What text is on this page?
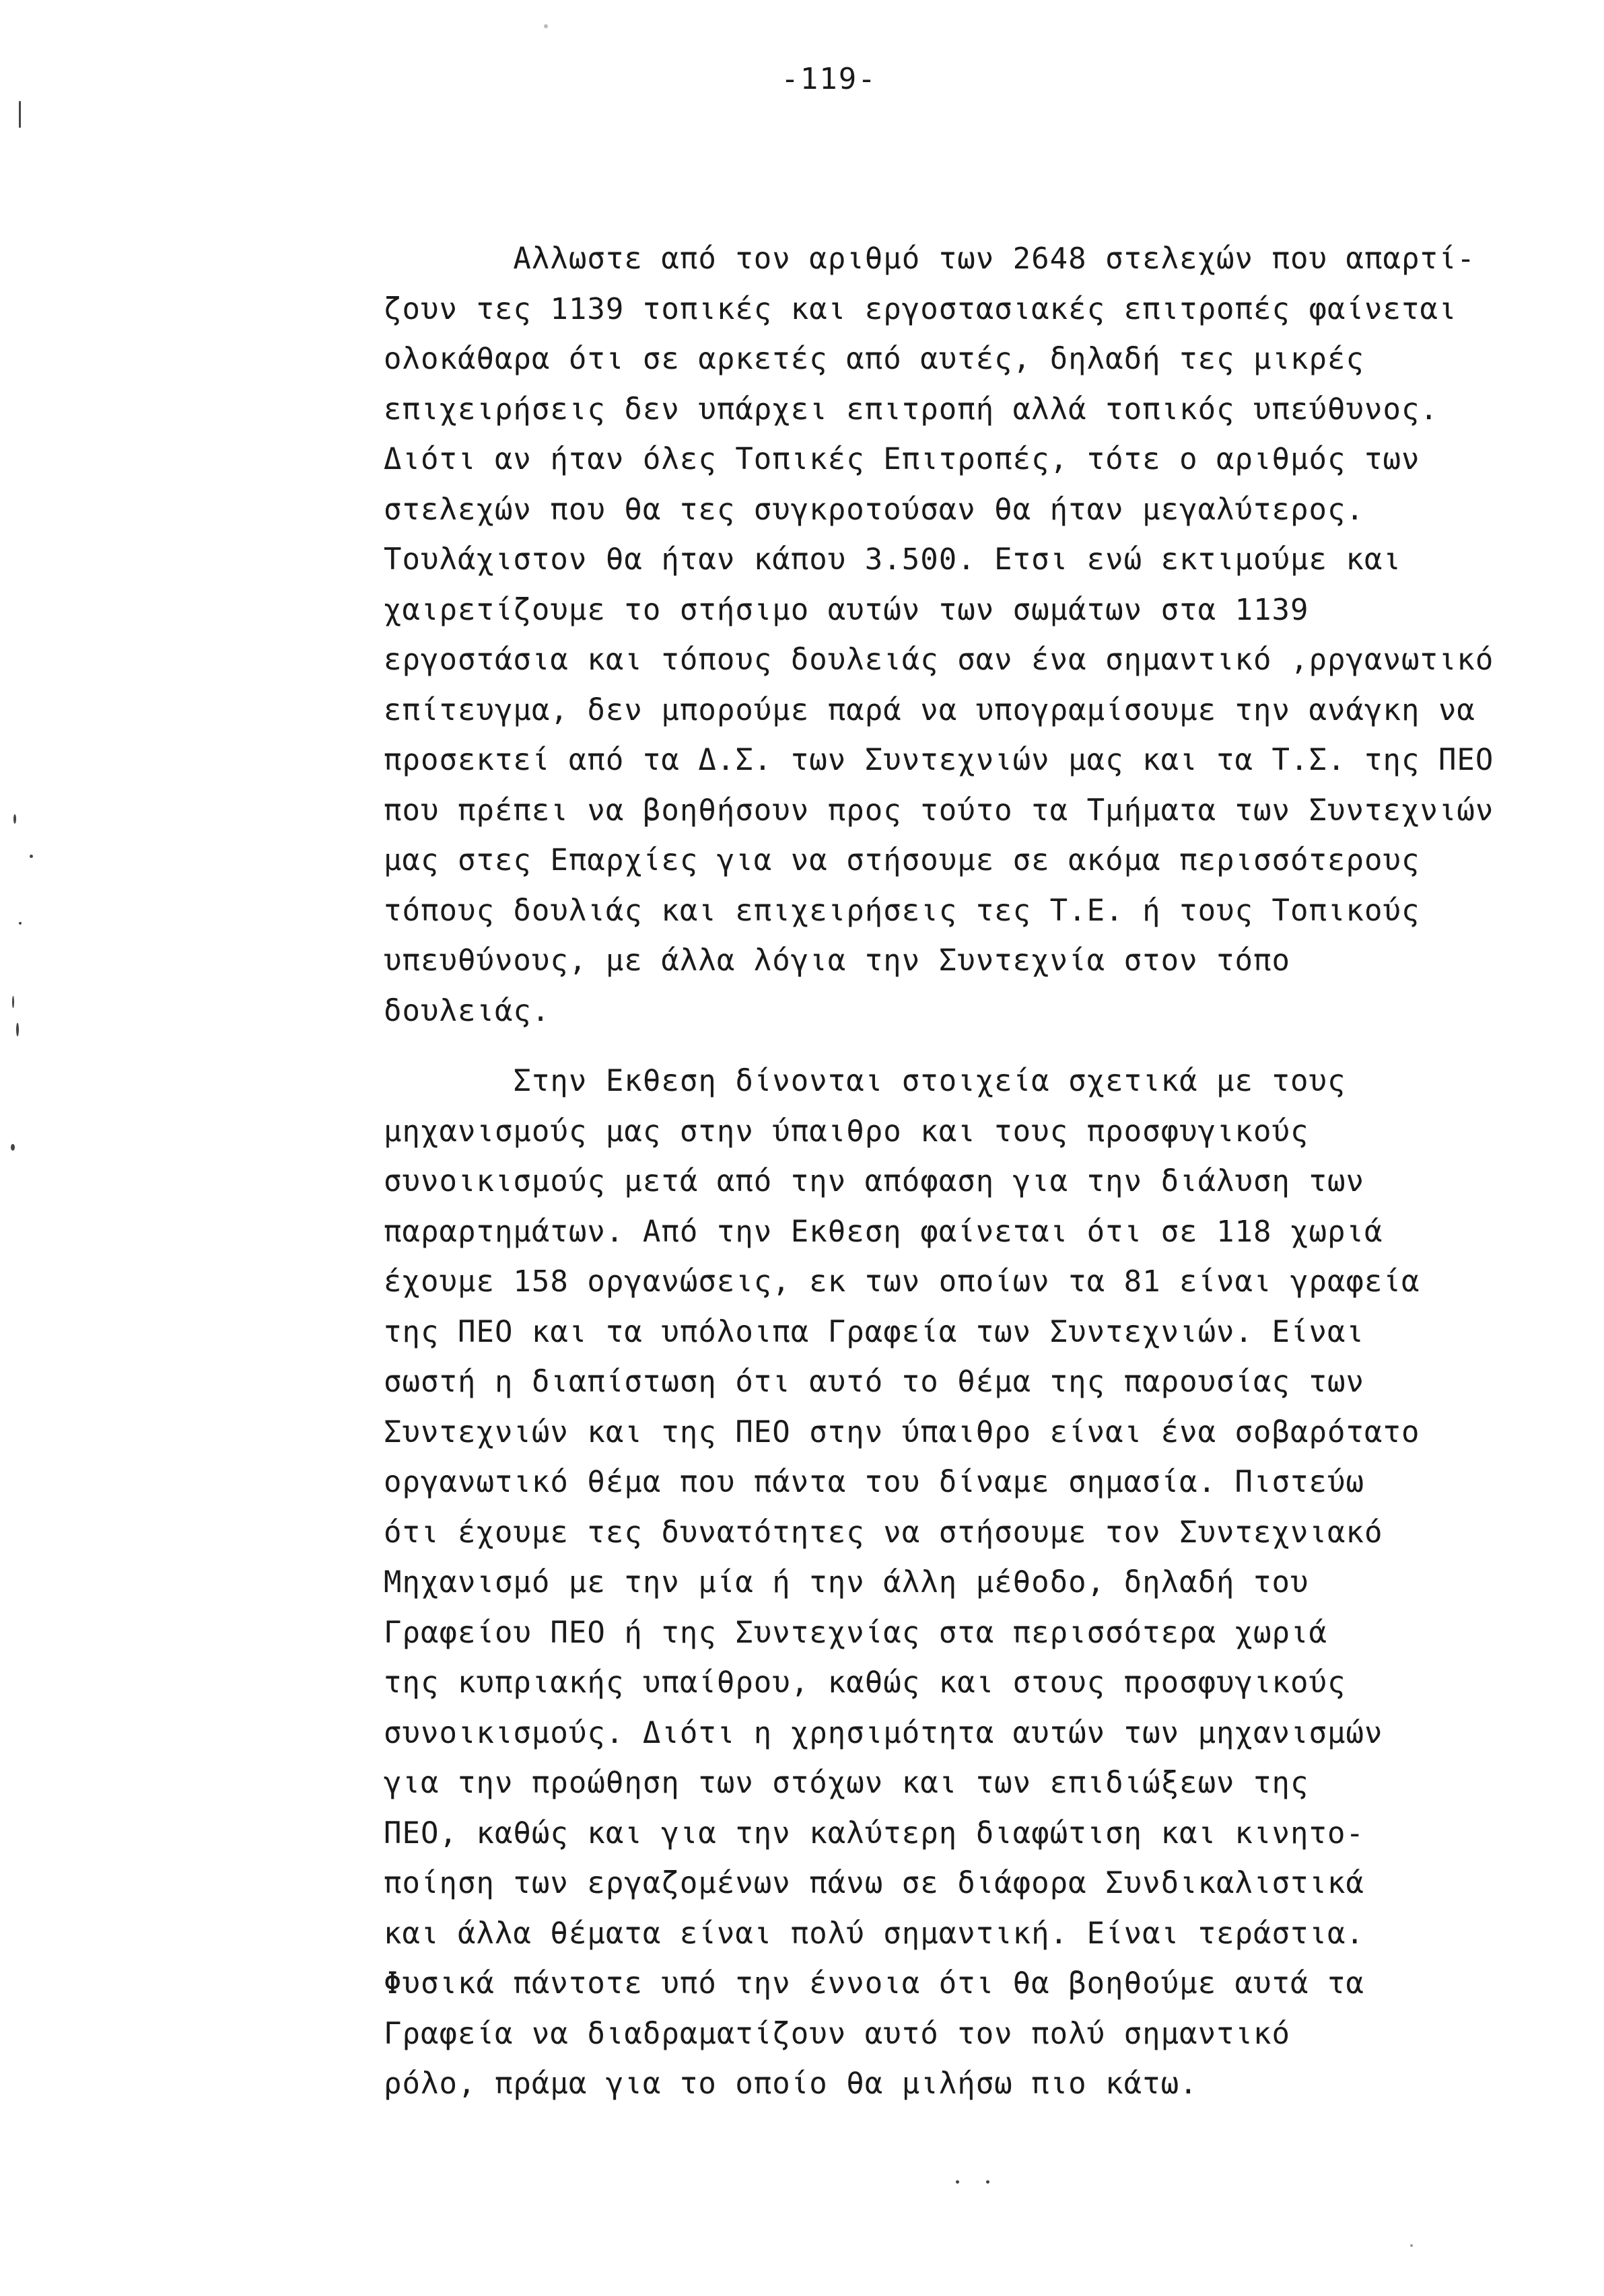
-119-
Αλλωστε από τον αριθμό των 2648 στελεχών που απαρτί-
ζουν τες 1139 τοπικές και εργοστασιακές επιτροπές φαίνεται
ολοκάθαρα ότι σε αρκετές από αυτές, δηλαδή τες μικρές
επιχειρήσεις δεν υπάρχει επιτροπή αλλά τοπικός υπεύθυνος.
Διότι αν ήταν όλες Τοπικές Επιτροπές, τότε ο αριθμός των
στελεχών που θα τες συγκροτούσαν θα ήταν μεγαλύτερος.
Τουλάχιστον θα ήταν κάπου 3.500. Ετσι ενώ εκτιμούμε και
χαιρετίζουμε το στήσιμο αυτών των σωμάτων στα 1139
εργοστάσια και τόπους δουλειάς σαν ένα σημαντικό ,ρργανωτικό
επίτευγμα, δεν μπορούμε παρά να υπογραμίσουμε την ανάγκη να
προσεκτεί από τα Δ.Σ. των Συντεχνιών μας και τα Τ.Σ. της ΠΕΟ
που πρέπει να βοηθήσουν προς τούτο τα Τμήματα των Συντεχνιών
μας στες Επαρχίες για να στήσουμε σε ακόμα περισσότερους
τόπους δουλιάς και επιχειρήσεις τες Τ.Ε. ή τους Τοπικούς
υπευθύνους, με άλλα λόγια την Συντεχνία στον τόπο
δουλειάς.
Στην Εκθεση δίνονται στοιχεία σχετικά με τους
μηχανισμούς μας στην ύπαιθρο και τους προσφυγικούς
συνοικισμούς μετά από την απόφαση για την διάλυση των
παραρτημάτων. Από την Εκθεση φαίνεται ότι σε 118 χωριά
έχουμε 158 οργανώσεις, εκ των οποίων τα 81 είναι γραφεία
της ΠΕΟ και τα υπόλοιπα Γραφεία των Συντεχνιών. Είναι
σωστή η διαπίστωση ότι αυτό το θέμα της παρουσίας των
Συντεχνιών και της ΠΕΟ στην ύπαιθρο είναι ένα σοβαρότατο
οργανωτικό θέμα που πάντα του δίναμε σημασία. Πιστεύω
ότι έχουμε τες δυνατότητες να στήσουμε τον Συντεχνιακό
Μηχανισμό με την μία ή την άλλη μέθοδο, δηλαδή του
Γραφείου ΠΕΟ ή της Συντεχνίας στα περισσότερα χωριά
της κυπριακής υπαίθρου, καθώς και στους προσφυγικούς
συνοικισμούς. Διότι η χρησιμότητα αυτών των μηχανισμών
για την προώθηση των στόχων και των επιδιώξεων της
ΠΕΟ, καθώς και για την καλύτερη διαφώτιση και κινητο-
ποίηση των εργαζομένων πάνω σε διάφορα Συνδικαλιστικά
και άλλα θέματα είναι πολύ σημαντική. Είναι τεράστια.
Φυσικά πάντοτε υπό την έννοια ότι θα βοηθούμε αυτά τα
Γραφεία να διαδραματίζουν αυτό τον πολύ σημαντικό
ρόλο, πράμα για το οποίο θα μιλήσω πιο κάτω.
